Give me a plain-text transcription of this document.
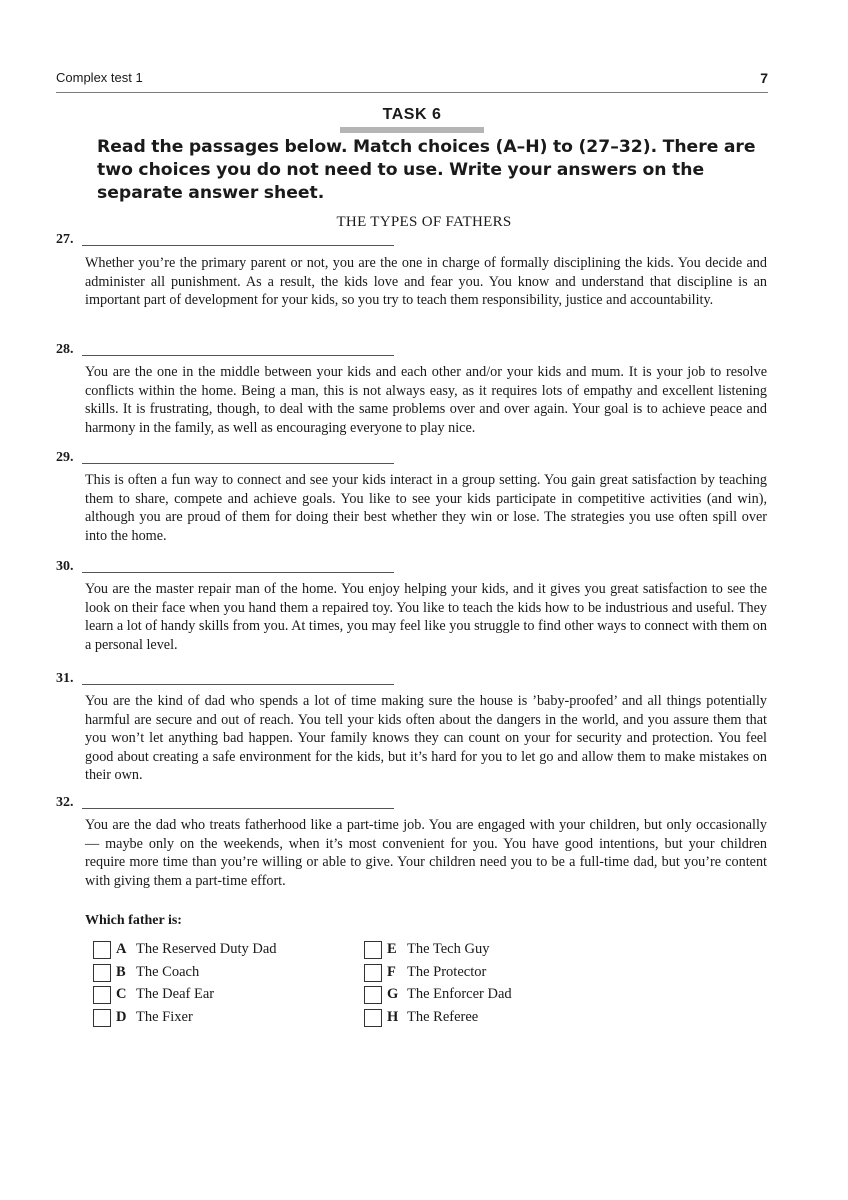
Complex test 1	7
TASK 6
Read the passages below. Match choices (A–H) to (27–32). There are two choices you do not need to use. Write your answers on the separate answer sheet.
THE TYPES OF FATHERS
27.
Whether you’re the primary parent or not, you are the one in charge of formally disciplining the kids. You decide and administer all punishment. As a result, the kids love and fear you. You know and understand that discipline is an important part of development for your kids, so you try to teach them responsibility, justice and accountability.
28.
You are the one in the middle between your kids and each other and/or your kids and mum. It is your job to resolve conflicts within the home. Being a man, this is not always easy, as it requires lots of empathy and excellent listening skills. It is frustrating, though, to deal with the same problems over and over again. Your goal is to achieve peace and harmony in the family, as well as encouraging everyone to play nice.
29.
This is often a fun way to connect and see your kids interact in a group setting. You gain great satisfaction by teaching them to share, compete and achieve goals. You like to see your kids participate in competitive activities (and win), although you are proud of them for doing their best whether they win or lose. The strategies you use often spill over into the home.
30.
You are the master repair man of the home. You enjoy helping your kids, and it gives you great satisfaction to see the look on their face when you hand them a repaired toy. You like to teach the kids how to be industrious and useful. They learn a lot of handy skills from you. At times, you may feel like you struggle to find other ways to connect with them on a personal level.
31.
You are the kind of dad who spends a lot of time making sure the house is ’baby-proofed’ and all things potentially harmful are secure and out of reach. You tell your kids often about the dangers in the world, and you assure them that you won’t let anything bad happen. Your family knows they can count on your for security and protection. You feel good about creating a safe environment for the kids, but it’s hard for you to let go and allow them to make mistakes on their own.
32.
You are the dad who treats fatherhood like a part-time job. You are engaged with your children, but only occasionally — maybe only on the weekends, when it’s most convenient for you. You have good intentions, but your children require more time than you’re willing or able to give. Your children need you to be a full-time dad, but you’re content with giving them a part-time effort.
Which father is:
A The Reserved Duty Dad
B The Coach
C The Deaf Ear
D The Fixer
E The Tech Guy
F The Protector
G The Enforcer Dad
H The Referee
